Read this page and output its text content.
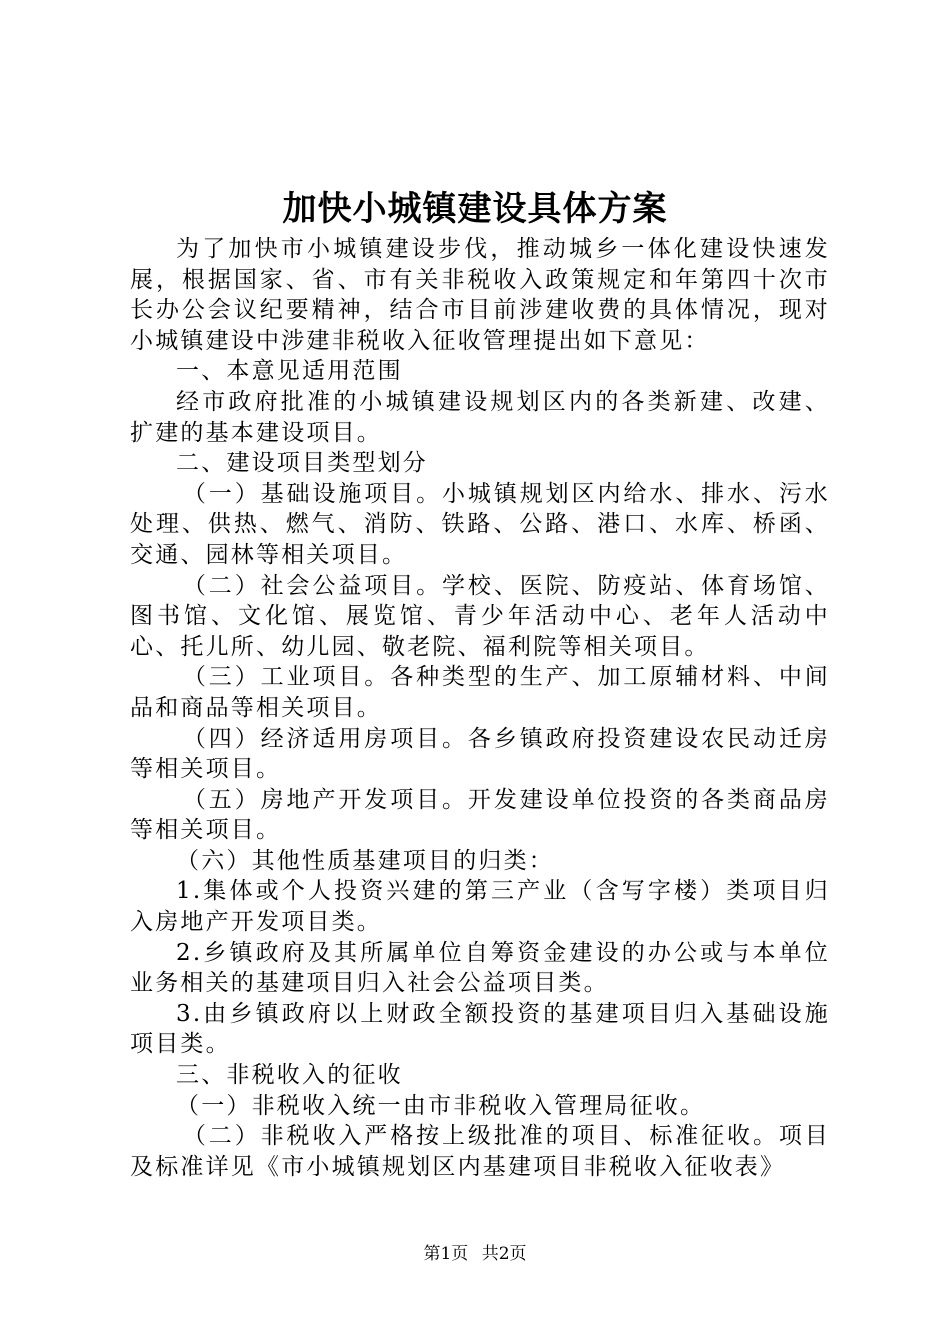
加快小城镇建设具体方案

为了加快市小城镇建设步伐，推动城乡一体化建设快速发展，根据国家、省、市有关非税收入政策规定和年第四十次市长办公会议纪要精神，结合市目前涉建收费的具体情况，现对小城镇建设中涉建非税收入征收管理提出如下意见：

一、本意见适用范围

经市政府批准的小城镇建设规划区内的各类新建、改建、扩建的基本建设项目。

二、建设项目类型划分

（一）基础设施项目。小城镇规划区内给水、排水、污水处理、供热、燃气、消防、铁路、公路、港口、水库、桥函、交通、园林等相关项目。

（二）社会公益项目。学校、医院、防疫站、体育场馆、图书馆、文化馆、展览馆、青少年活动中心、老年人活动中心、托儿所、幼儿园、敬老院、福利院等相关项目。

（三）工业项目。各种类型的生产、加工原辅材料、中间品和商品等相关项目。

（四）经济适用房项目。各乡镇政府投资建设农民动迁房等相关项目。

（五）房地产开发项目。开发建设单位投资的各类商品房等相关项目。

（六）其他性质基建项目的归类：

1.集体或个人投资兴建的第三产业（含写字楼）类项目归入房地产开发项目类。

2.乡镇政府及其所属单位自筹资金建设的办公或与本单位业务相关的基建项目归入社会公益项目类。

3.由乡镇政府以上财政全额投资的基建项目归入基础设施项目类。

三、非税收入的征收

（一）非税收入统一由市非税收入管理局征收。

（二）非税收入严格按上级批准的项目、标准征收。项目及标准详见《市小城镇规划区内基建项目非税收入征收表》

第1页 共2页
